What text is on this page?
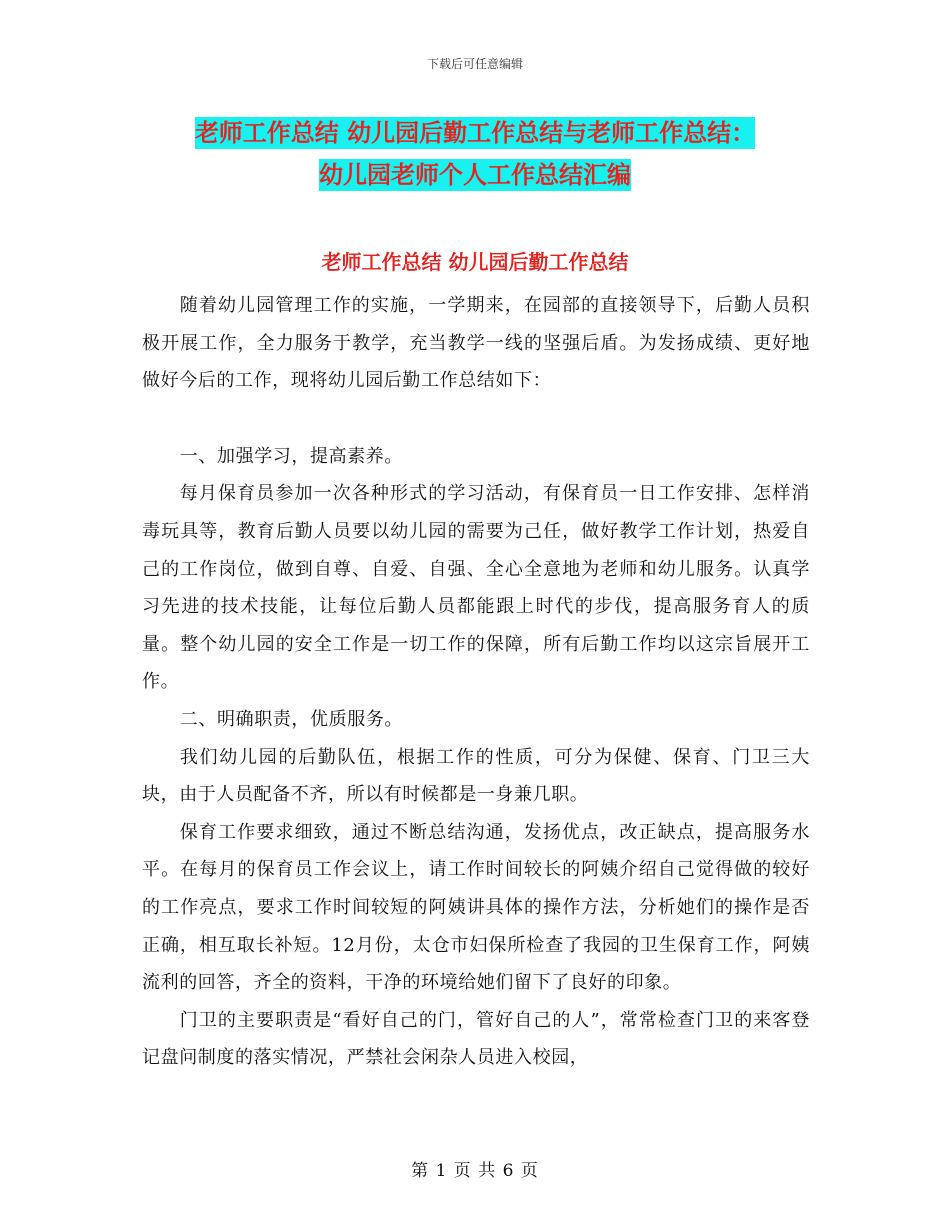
下载后可任意编辑
老师工作总结 幼儿园后勤工作总结与老师工作总结：
幼儿园老师个人工作总结汇编
老师工作总结 幼儿园后勤工作总结

随着幼儿园管理工作的实施，一学期来，在园部的直接领导下，后勤人员积极开展工作，全力服务于教学，充当教学一线的坚强后盾。为发扬成绩、更好地做好今后的工作，现将幼儿园后勤工作总结如下：

一、加强学习，提高素养。

每月保育员参加一次各种形式的学习活动，有保育员一日工作安排、怎样消毒玩具等，教育后勤人员要以幼儿园的需要为己任，做好教学工作计划，热爱自己的工作岗位，做到自尊、自爱、自强、全心全意地为老师和幼儿服务。认真学习先进的技术技能，让每位后勤人员都能跟上时代的步伐，提高服务育人的质量。整个幼儿园的安全工作是一切工作的保障，所有后勤工作均以这宗旨展开工作。

二、明确职责，优质服务。

我们幼儿园的后勤队伍，根据工作的性质，可分为保健、保育、门卫三大块，由于人员配备不齐，所以有时候都是一身兼几职。

保育工作要求细致，通过不断总结沟通，发扬优点，改正缺点，提高服务水平。在每月的保育员工作会议上，请工作时间较长的阿姨介绍自己觉得做的较好的工作亮点，要求工作时间较短的阿姨讲具体的操作方法，分析她们的操作是否正确，相互取长补短。12月份，太仓市妇保所检查了我园的卫生保育工作，阿姨流利的回答，齐全的资料，干净的环境给她们留下了良好的印象。

门卫的主要职责是“看好自己的门，管好自己的人”，常常检查门卫的来客登记盘问制度的落实情况，严禁社会闲杂人员进入校园，

第 1 页 共 6 页
